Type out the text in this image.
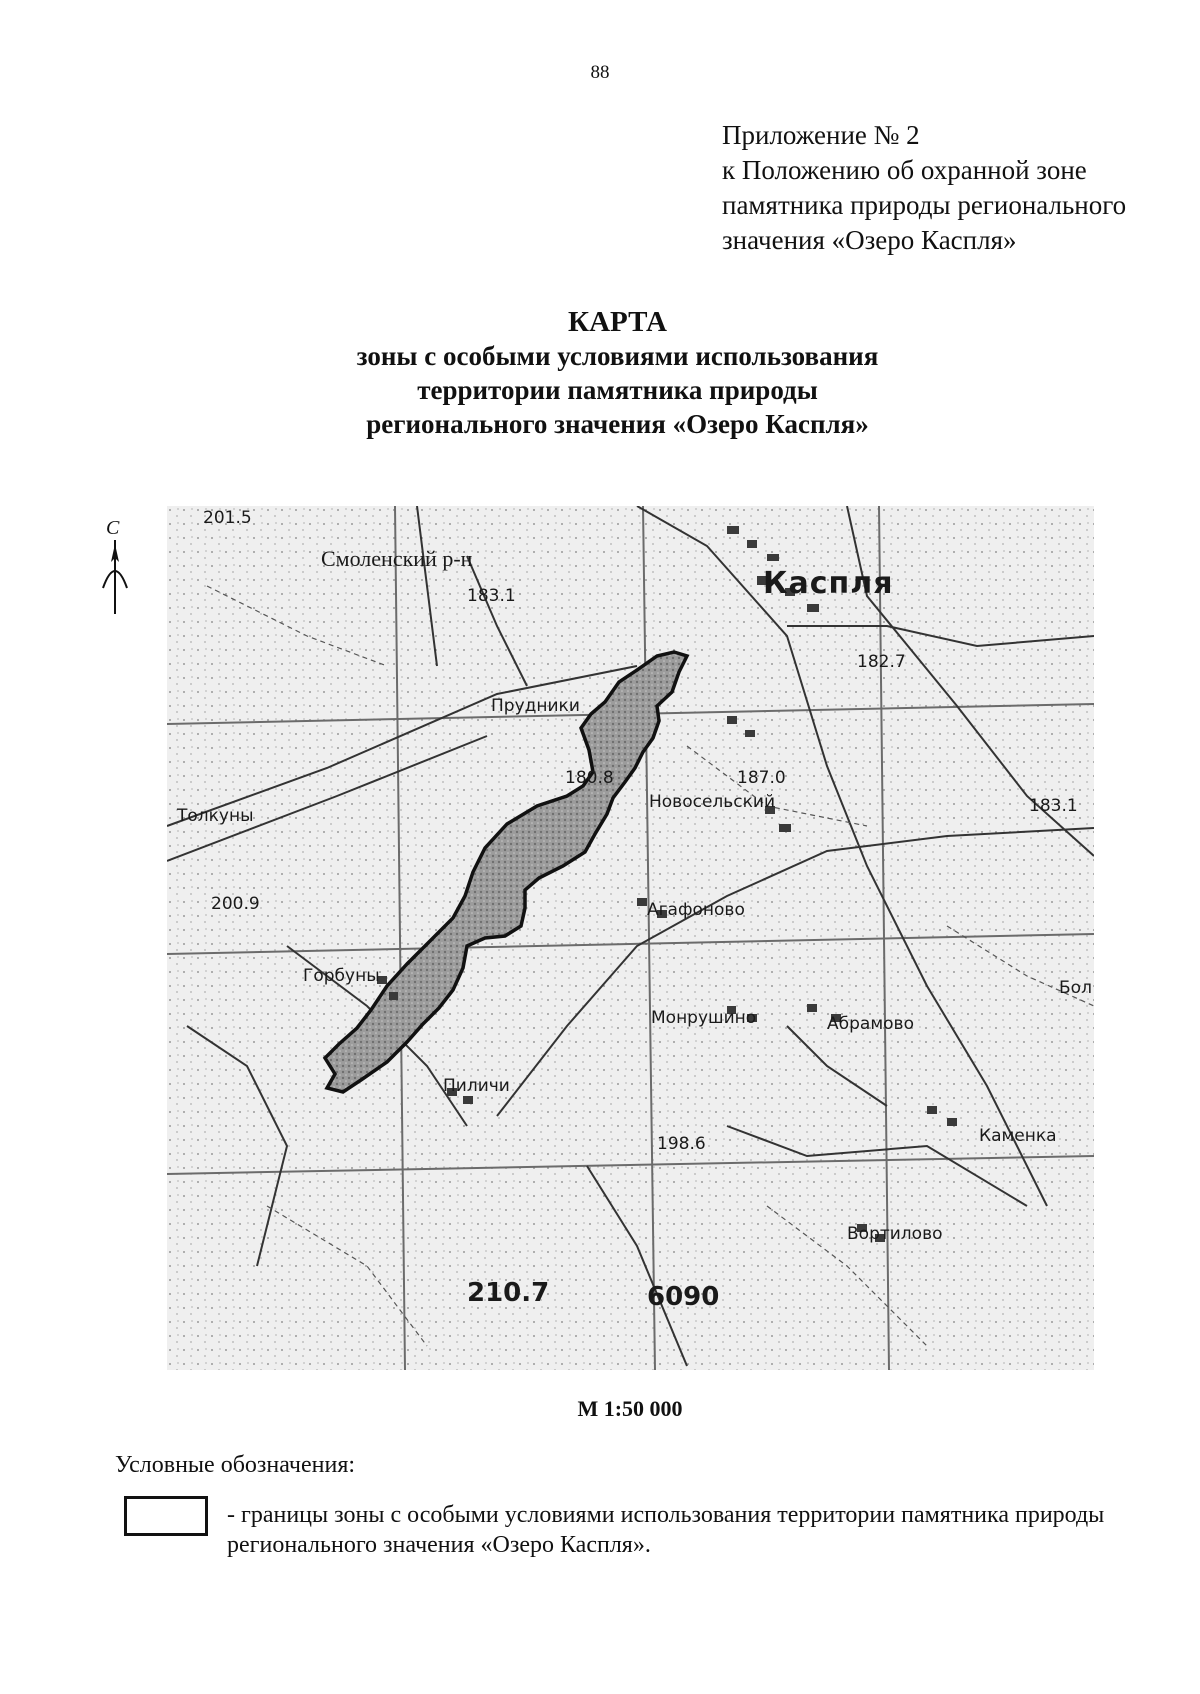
88
Приложение № 2
к Положению об охранной зоне
памятника природы регионального
значения «Озеро Каспля»
КАРТА
зоны с особыми условиями использования
территории памятника природы
регионального значения «Озеро Каспля»
С	201.5
Смоленский р-н
183.1	Каспля
182.7
Прудники
180.8	187.0
Новосельский	183.1
Толкуны
200.9	Агафоново
Горбуны
Монрушино	Абрамово
Бол
Пиличи
198.6	Каменка
Вортилово
210.7	6090
М 1:50 000
Условные обозначения:
- границы зоны с особыми условиями использования территории памятника природы регионального значения «Озеро Каспля».
